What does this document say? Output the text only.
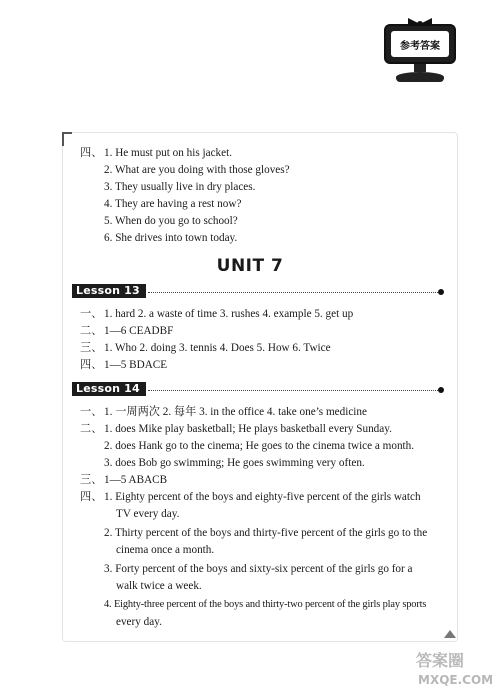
参考答案
四、 1. He must put on his jacket.
2. What are you doing with those gloves?
3. They usually live in dry places.
4. They are having a rest now?
5. When do you go to school?
6. She drives into town today.
UNIT 7
Lesson 13
一、 1. hard 2. a waste of time 3. rushes 4. example 5. get up
二、 1—6 CEADBF
三、 1. Who 2. doing 3. tennis 4. Does 5. How 6. Twice
四、 1—5 BDACE
Lesson 14
一、 1. 一周两次 2. 每年 3. in the office 4. take one’s medicine
二、 1. does Mike play basketball; He plays basketball every Sunday.
2. does Hank go to the cinema; He goes to the cinema twice a month.
3. does Bob go swimming; He goes swimming very often.
三、 1—5 ABACB
四、 1. Eighty percent of the boys and eighty-five percent of the girls watch
TV every day.
2. Thirty percent of the boys and thirty-five percent of the girls go to the
cinema once a month.
3. Forty percent of the boys and sixty-six percent of the girls go for a
walk twice a week.
4. Eighty-three percent of the boys and thirty-two percent of the girls play sports
every day.
答案圈 MXQE.COM
